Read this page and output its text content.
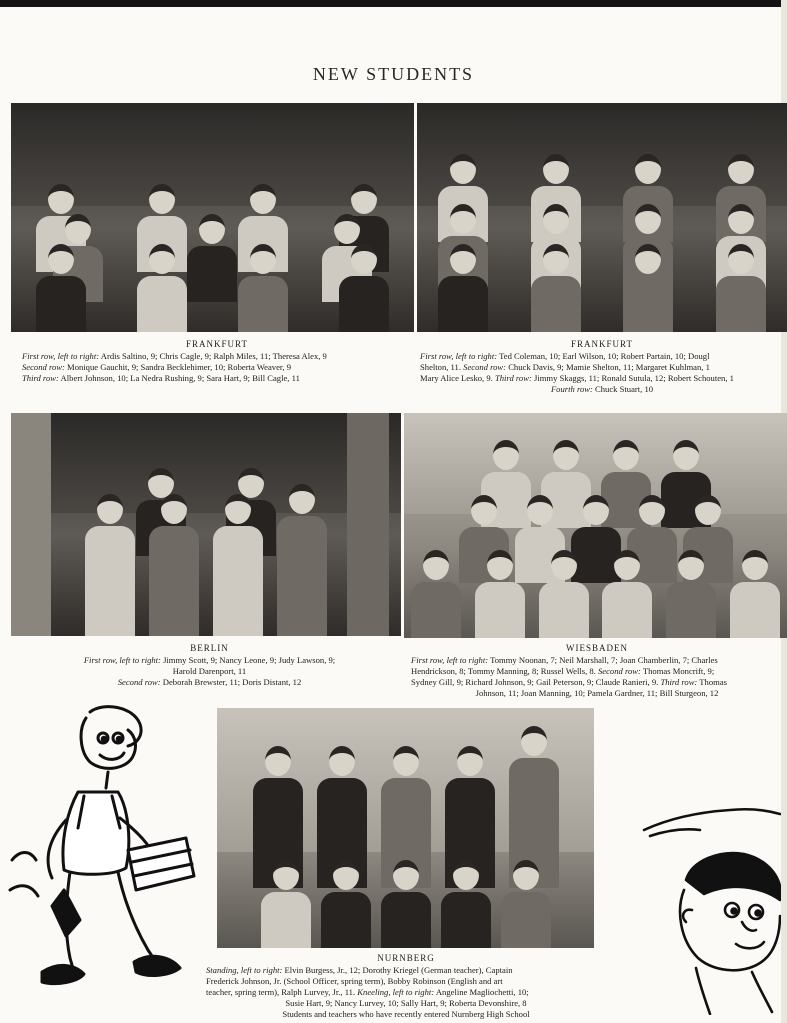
NEW STUDENTS
FRANKFURT
First row, left to right: Ardis Saltino, 9; Chris Cagle, 9; Ralph Miles, 11; Theresa Alex, 9
Second row: Monique Gauchit, 9; Sandra Becklehimer, 10; Roberta Weaver, 9
Third row: Albert Johnson, 10; La Nedra Rushing, 9; Sara Hart, 9; Bill Cagle, 11
FRANKFURT
First row, left to right: Ted Coleman, 10; Earl Wilson, 10; Robert Partain, 10; Dougl
Shelton, 11. Second row: Chuck Davis, 9; Mamie Shelton, 11; Margaret Kuhlman, 1
Mary Alice Lesko, 9. Third row: Jimmy Skaggs, 11; Ronald Sutula, 12; Robert Schouten, 1
Fourth row: Chuck Stuart, 10
BERLIN
First row, left to right: Jimmy Scott, 9; Nancy Leone, 9; Judy Lawson, 9;
Harold Darenport, 11
Second row: Deborah Brewster, 11; Doris Distant, 12
WIESBADEN
First row, left to right: Tommy Noonan, 7; Neil Marshall, 7; Joan Chamberlin, 7; Charles
Hendrickson, 8; Tommy Manning, 8; Russel Wells, 8. Second row: Thomas Moncrift, 9;
Sydney Gill, 9; Richard Johnson, 9; Gail Peterson, 9; Claude Ranieri, 9. Third row: Thomas
Johnson, 11; Joan Manning, 10; Pamela Gardner, 11; Bill Sturgeon, 12
NURNBERG
Standing, left to right: Elvin Burgess, Jr., 12; Dorothy Kriegel (German teacher), Captain
Frederick Johnson, Jr. (School Officer, spring term), Bobby Robinson (English and art
teacher, spring term), Ralph Lurvey, Jr., 11. Kneeling, left to right: Angeline Magliochetti, 10;
Susie Hart, 9; Nancy Lurvey, 10; Sally Hart, 9; Roberta Devonshire, 8
Students and teachers who have recently entered Nurnberg High School
